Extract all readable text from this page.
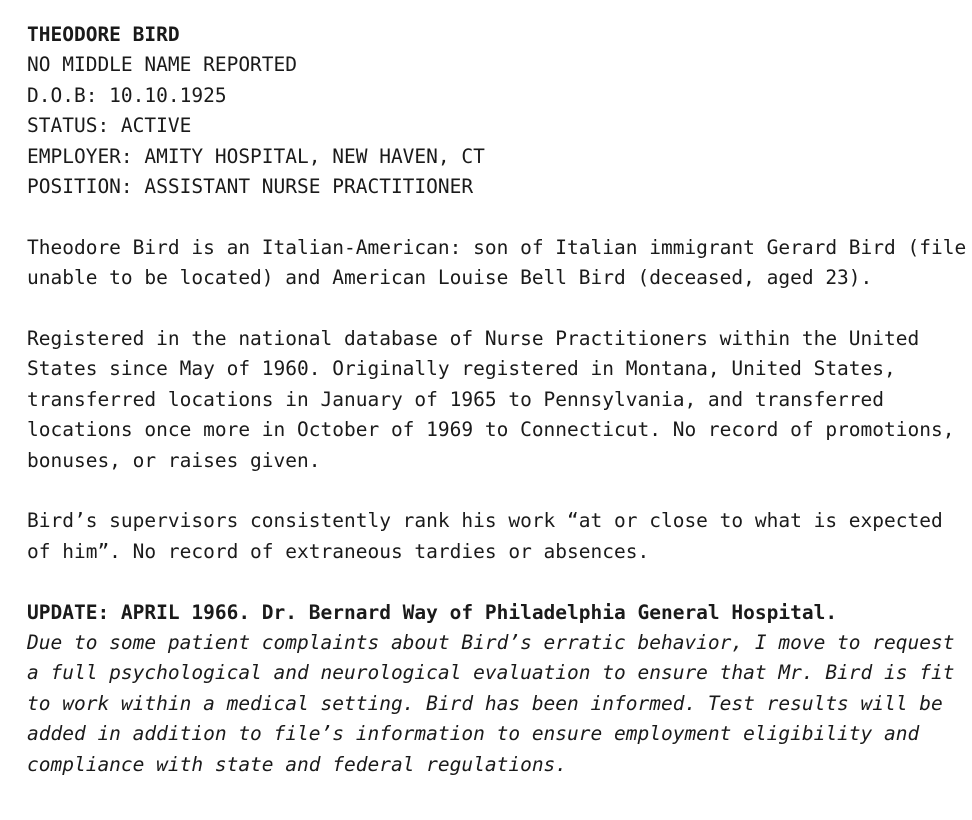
THEODORE BIRD
NO MIDDLE NAME REPORTED
D.O.B: 10.10.1925
STATUS: ACTIVE
EMPLOYER: AMITY HOSPITAL, NEW HAVEN, CT
POSITION: ASSISTANT NURSE PRACTITIONER

Theodore Bird is an Italian-American: son of Italian immigrant Gerard Bird (file unable to be located) and American Louise Bell Bird (deceased, aged 23).

Registered in the national database of Nurse Practitioners within the United States since May of 1960. Originally registered in Montana, United States, transferred locations in January of 1965 to Pennsylvania, and transferred locations once more in October of 1969 to Connecticut. No record of promotions, bonuses, or raises given.

Bird’s supervisors consistently rank his work “at or close to what is expected of him”. No record of extraneous tardies or absences.

UPDATE: APRIL 1966. Dr. Bernard Way of Philadelphia General Hospital.
Due to some patient complaints about Bird’s erratic behavior, I move to request a full psychological and neurological evaluation to ensure that Mr. Bird is fit to work within a medical setting. Bird has been informed. Test results will be added in addition to file’s information to ensure employment eligibility and compliance with state and federal regulations.
